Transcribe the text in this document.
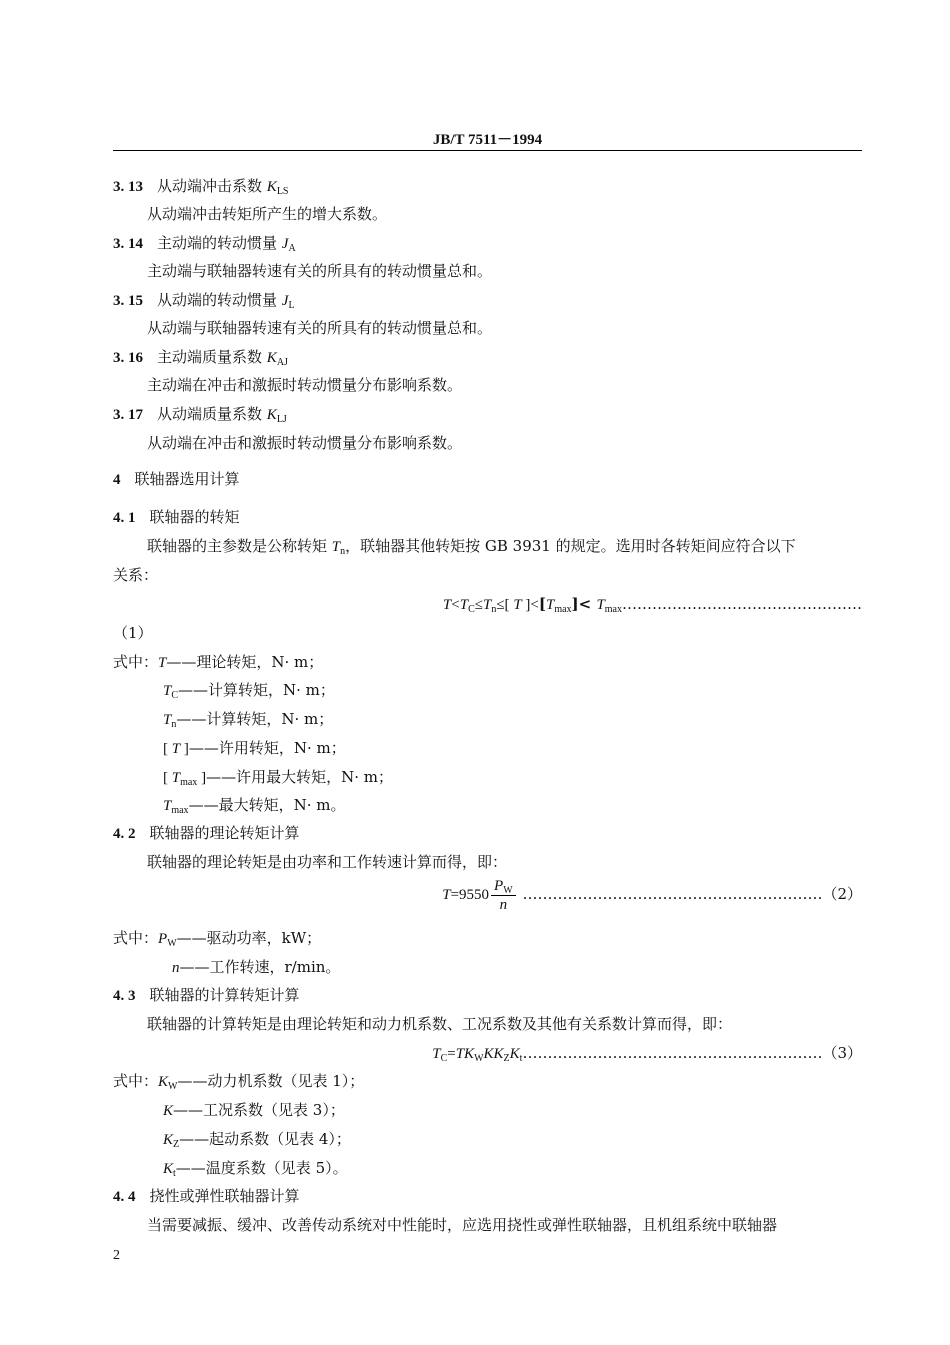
JB/T 7511－1994
3. 13 从动端冲击系数 $K_{LS}$
从动端冲击转矩所产生的增大系数。
3. 14 主动端的转动惯量 $J_A$
主动端与联轴器转速有关的所具有的转动惯量总和。
3. 15 从动端的转动惯量 $J_L$
从动端与联轴器转速有关的所具有的转动惯量总和。
3. 16 主动端质量系数 $K_{AJ}$
主动端在冲击和激振时转动惯量分布影响系数。
3. 17 从动端质量系数 $K_{LJ}$
从动端在冲击和激振时转动惯量分布影响系数。
4 联轴器选用计算
4. 1 联轴器的转矩
联轴器的主参数是公称转矩 $T_n$，联轴器其他转矩按 GB 3931 的规定。选用时各转矩间应符合以下
关系：
$T<T_C\le T_n\le$[ T ]$<[T_{max}]<$ $T_{max}\dots\dots\dots\dots\dots\dots\dots\dots\dots\dots\dots\dots\dots\dots\dots\dots$
（1）
式中：T——理论转矩，N· m；
$T_C——$计算转矩，N· m；
$T_n——$计算转矩，N· m；
[ T ]——许用转矩，N· m；
[ $T_{max}$ ]——许用最大转矩，N· m；
$T_{max}——$最大转矩，N· m。
4. 2 联轴器的理论转矩计算
联轴器的理论转矩是由功率和工作转速计算而得，即：
$T=9550 \frac{P_W}{n}$ ……………………………………………………（2）
式中：$P_W——$驱动功率，kW；
n——工作转速，r/min。
4. 3 联轴器的计算转矩计算
联轴器的计算转矩是由理论转矩和动力机系数、工况系数及其他有关系数计算而得，即：
$T_C=TK_WKK_ZK_t\dots\dots\dots\dots\dots\dots\dots\dots\dots\dots\dots\dots\dots\dots\dots\dots\dots\dots\dots\dots(3)$
式中：$K_W——$动力机系数（见表 1）；
K——工况系数（见表 3）；
$K_Z——$起动系数（见表 4）；
$K_t——$温度系数（见表 5）。
4. 4 挠性或弹性联轴器计算
当需要减振、缓冲、改善传动系统对中性能时，应选用挠性或弹性联轴器，且机组系统中联轴器
2
